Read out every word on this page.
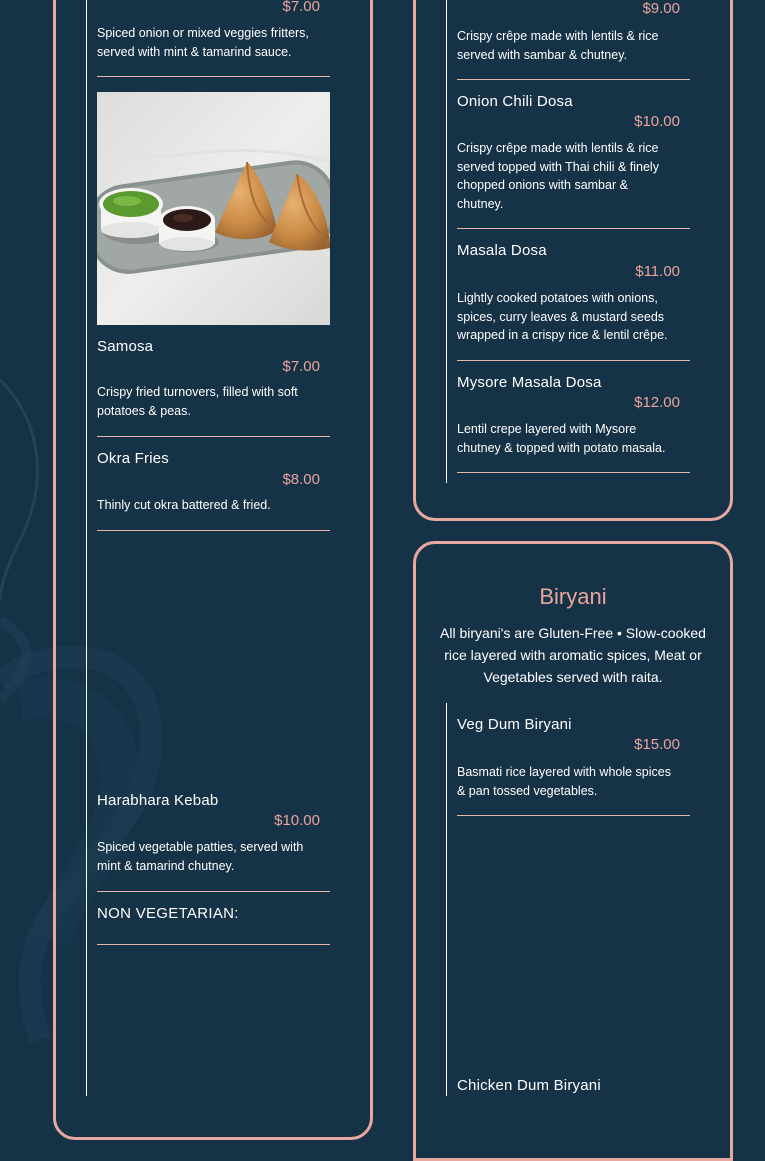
$7.00
Spiced onion or mixed veggies fritters, served with mint & tamarind sauce.
Samosa
$7.00
Crispy fried turnovers, filled with soft potatoes & peas.
Okra Fries
$8.00
Thinly cut okra battered & fried.
Harabhara Kebab
$10.00
Spiced vegetable patties, served with mint & tamarind chutney.
NON VEGETARIAN:
$9.00
Crispy crêpe made with lentils & rice served with sambar & chutney.
Onion Chili Dosa
$10.00
Crispy crêpe made with lentils & rice served topped with Thai chili & finely chopped onions with sambar & chutney.
Masala Dosa
$11.00
Lightly cooked potatoes with onions, spices, curry leaves & mustard seeds wrapped in a crispy rice & lentil crêpe.
Mysore Masala Dosa
$12.00
Lentil crepe layered with Mysore chutney & topped with potato masala.
Biryani
All biryani's are Gluten-Free • Slow-cooked rice layered with aromatic spices, Meat or Vegetables served with raita.
Veg Dum Biryani
$15.00
Basmati rice layered with whole spices & pan tossed vegetables.
Chicken Dum Biryani
